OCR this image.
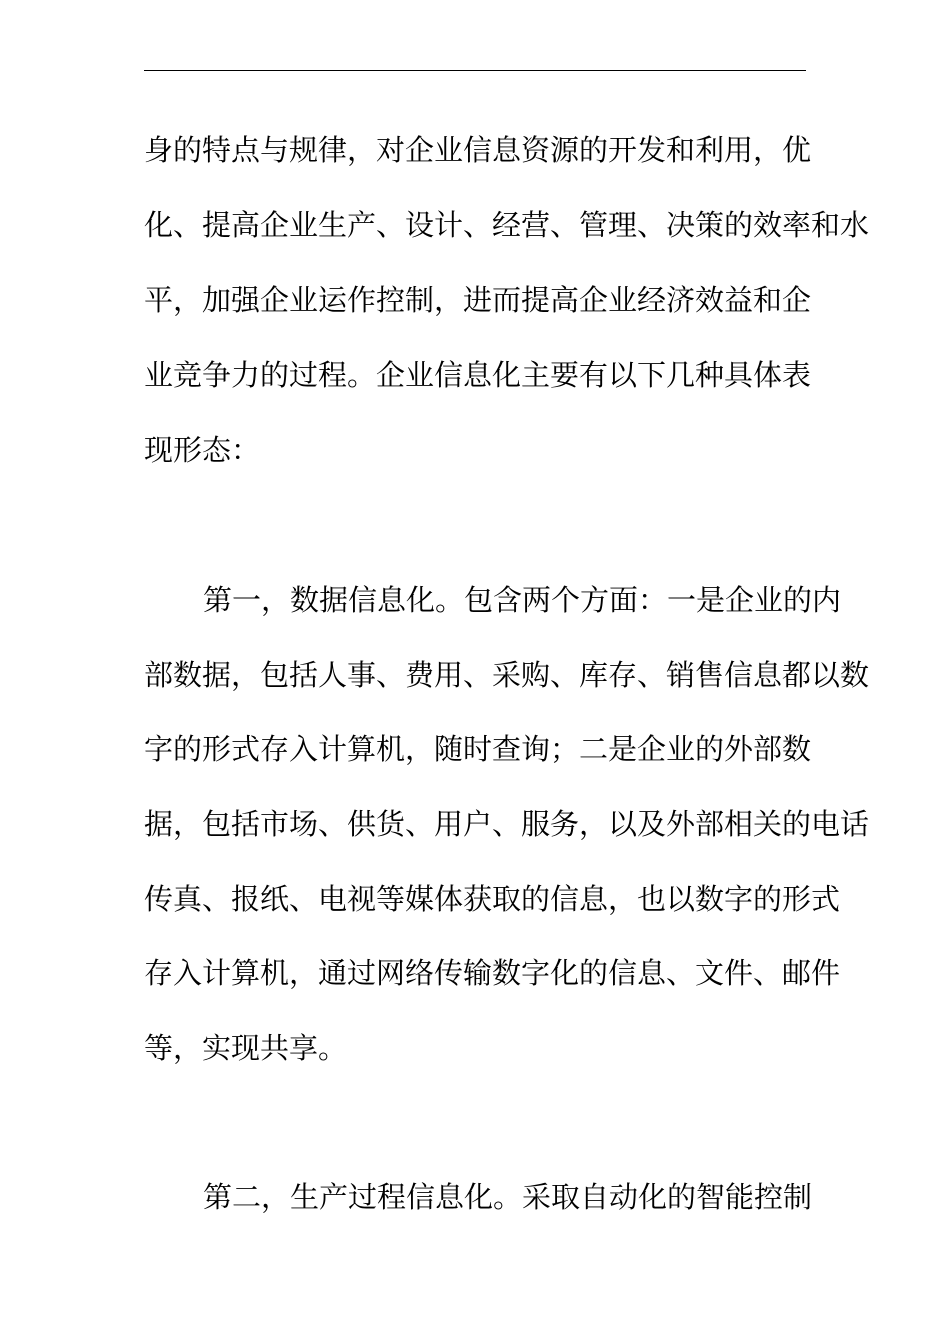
身的特点与规律，对企业信息资源的开发和利用，优
化、提高企业生产、设计、经营、管理、决策的效率和水
平，加强企业运作控制，进而提高企业经济效益和企
业竞争力的过程。企业信息化主要有以下几种具体表
现形态：
第一，数据信息化。包含两个方面：一是企业的内
部数据，包括人事、费用、采购、库存、销售信息都以数
字的形式存入计算机，随时查询；二是企业的外部数
据，包括市场、供货、用户、服务，以及外部相关的电话
传真、报纸、电视等媒体获取的信息，也以数字的形式
存入计算机，通过网络传输数字化的信息、文件、邮件
等，实现共享。
第二，生产过程信息化。采取自动化的智能控制
